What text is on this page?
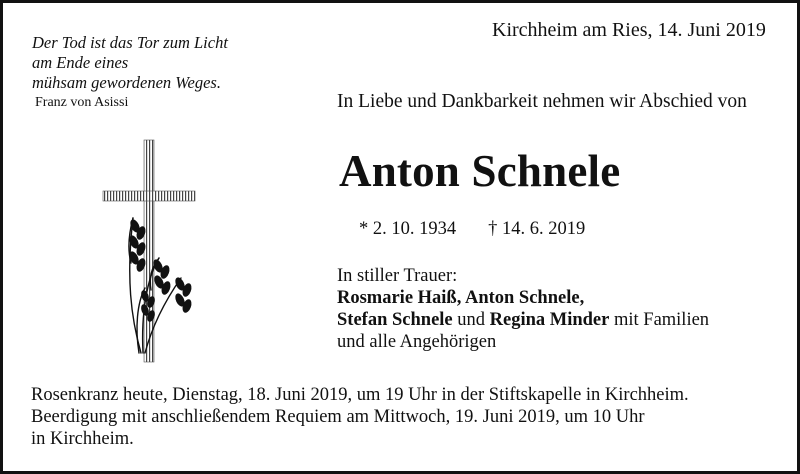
Kirchheim am Ries, 14. Juni 2019
Der Tod ist das Tor zum Licht
am Ende eines
mühsam gewordenen Weges.
Franz von Asissi	In Liebe und Dankbarkeit nehmen wir Abschied von
Anton Schnele
* 2. 10. 1934 † 14. 6. 2019
In stiller Trauer:
Rosmarie Haiß, Anton Schnele,
Stefan Schnele und Regina Minder mit Familien
und alle Angehörigen
Rosenkranz heute, Dienstag, 18. Juni 2019, um 19 Uhr in der Stiftskapelle in Kirchheim.
Beerdigung mit anschließendem Requiem am Mittwoch, 19. Juni 2019, um 10 Uhr
in Kirchheim.
